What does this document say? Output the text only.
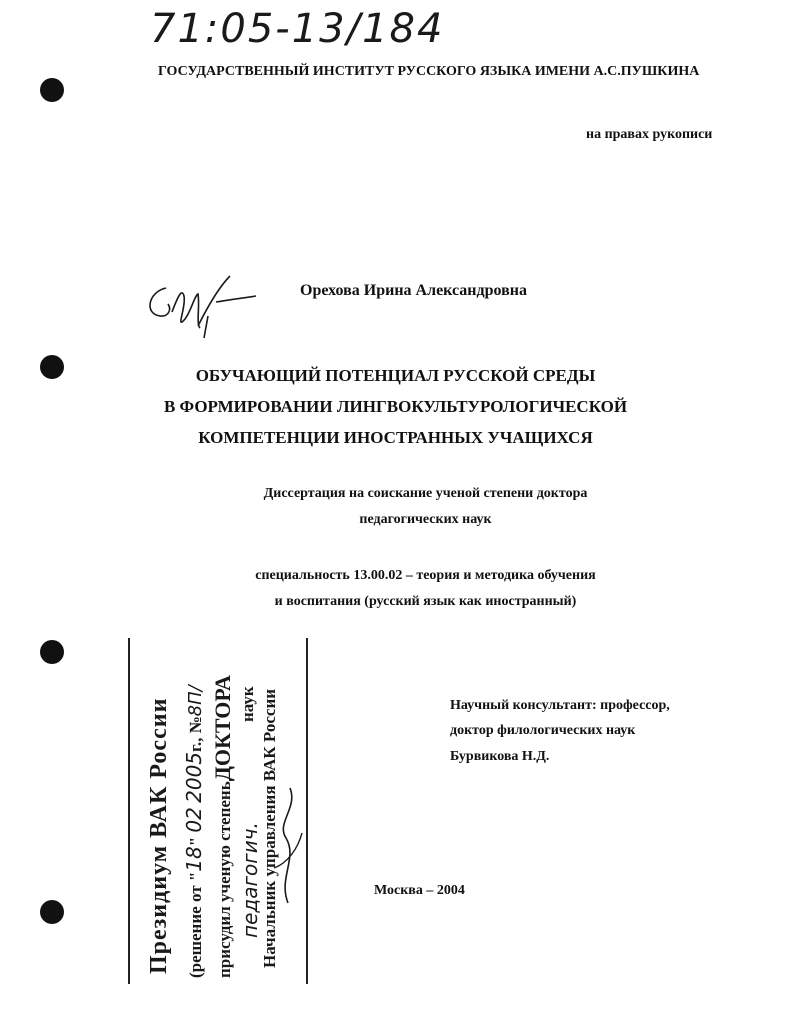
71:05-13/184
ГОСУДАРСТВЕННЫЙ ИНСТИТУТ РУССКОГО ЯЗЫКА ИМЕНИ А.С.ПУШКИНА
на правах рукописи
Орехова Ирина Александровна
ОБУЧАЮЩИЙ ПОТЕНЦИАЛ РУССКОЙ СРЕДЫ
В ФОРМИРОВАНИИ ЛИНГВОКУЛЬТУРОЛОГИЧЕСКОЙ
КОМПЕТЕНЦИИ ИНОСТРАННЫХ УЧАЩИХСЯ
Диссертация на соискание ученой степени доктора
педагогических наук
специальность 13.00.02 – теория и методика обучения
и воспитания (русский язык как иностранный)
Научный консультант: профессор,
доктор филологических наук
Бурвикова Н.Д.
Москва – 2004
Президиум ВАК России (решение от "18" 02 2005г., №8П/
присудил ученую степеньДОКТОРА
педагогич.
наук Начальник управления ВАК России
